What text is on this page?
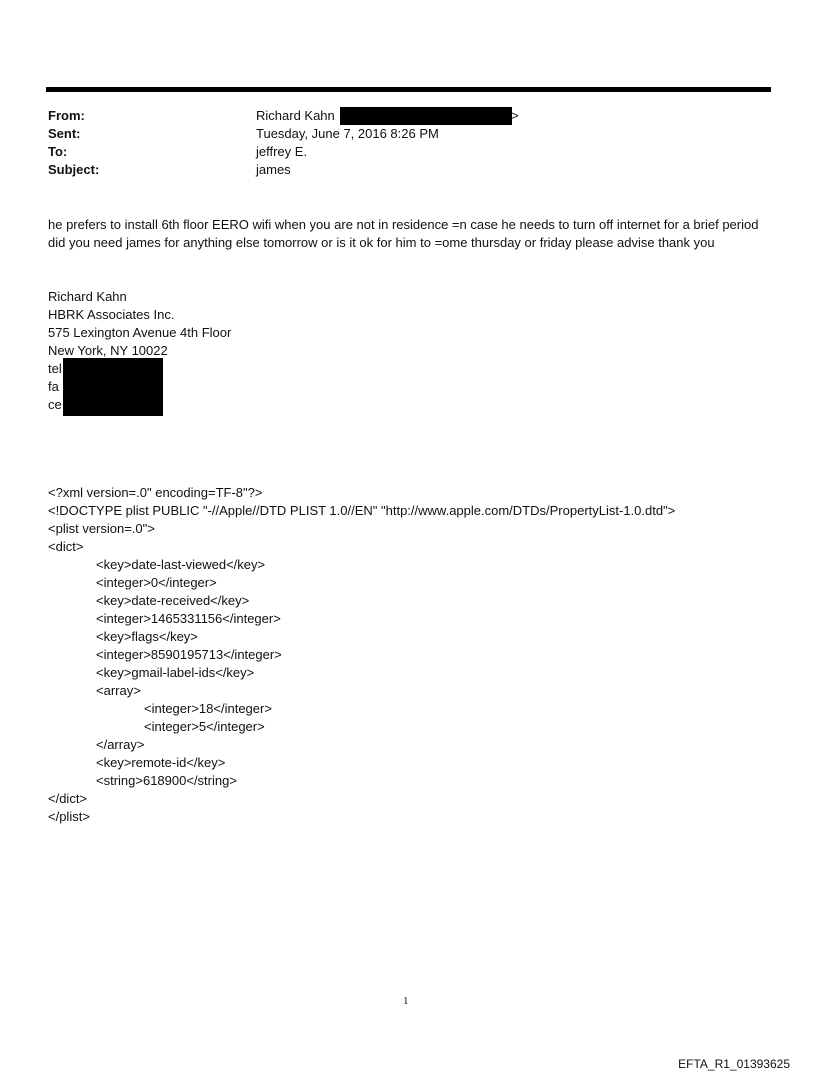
From:	Richard Kahn	>
Sent:	Tuesday, June 7, 2016 8:26 PM
To:	jeffrey E.
Subject:	james
he prefers to install 6th floor EERO wifi when you are not in residence =n case he needs to turn off internet for a brief period did you need james for anything else tomorrow or is it ok for him to =ome thursday or friday please advise thank you
Richard Kahn
HBRK Associates Inc.
575 Lexington Avenue 4th Floor
New York, NY 10022
tel
fa
ce
<?xml version=.0" encoding=TF-8"?>
<!DOCTYPE plist PUBLIC "-//Apple//DTD PLIST 1.0//EN" "http://www.apple.com/DTDs/PropertyList-1.0.dtd">
<plist version=.0">
<dict>
<key>date-last-viewed</key>
<integer>0</integer>
<key>date-received</key>
<integer>1465331156</integer>
<key>flags</key>
<integer>8590195713</integer>
<key>gmail-label-ids</key>
<array>
<integer>18</integer>
<integer>5</integer>
</array>
<key>remote-id</key>
<string>618900</string>
</dict>
</plist>
1
EFTA_R1_01393625
